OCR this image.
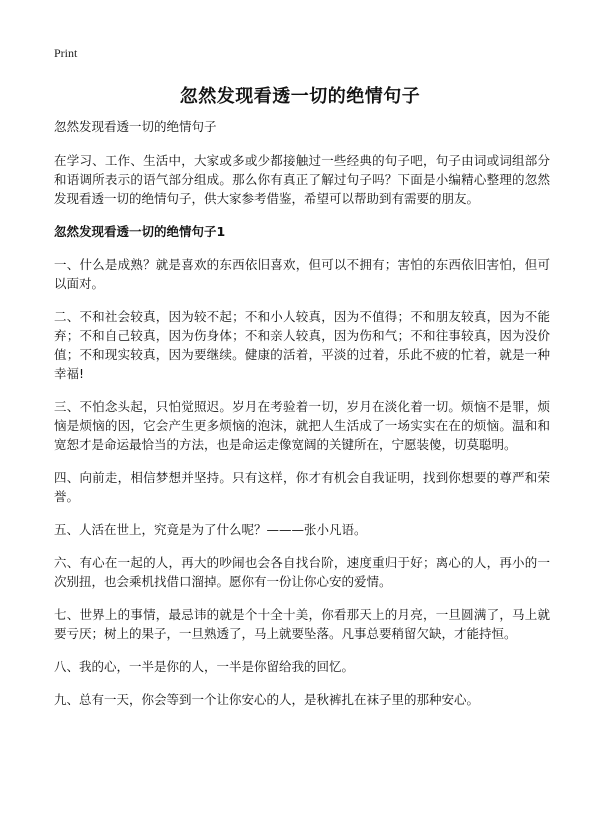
Print
忽然发现看透一切的绝情句子

忽然发现看透一切的绝情句子

在学习、工作、生活中，大家或多或少都接触过一些经典的句子吧，句子由词或词组部分和语调所表示的语气部分组成。那么你有真正了解过句子吗？下面是小编精心整理的忽然发现看透一切的绝情句子，供大家参考借鉴，希望可以帮助到有需要的朋友。

忽然发现看透一切的绝情句子1

一、什么是成熟？就是喜欢的东西依旧喜欢，但可以不拥有；害怕的东西依旧害怕，但可以面对。

二、不和社会较真，因为较不起；不和小人较真，因为不值得；不和朋友较真，因为不能弃；不和自己较真，因为伤身体；不和亲人较真，因为伤和气；不和往事较真，因为没价值；不和现实较真，因为要继续。健康的活着，平淡的过着，乐此不疲的忙着，就是一种幸福!

三、不怕念头起，只怕觉照迟。岁月在考验着一切，岁月在淡化着一切。烦恼不是罪，烦恼是烦恼的因，它会产生更多烦恼的泡沫，就把人生活成了一场实实在在的烦恼。温和和宽恕才是命运最恰当的方法，也是命运走像宽阔的关键所在，宁愿装傻，切莫聪明。

四、向前走，相信梦想并坚持。只有这样，你才有机会自我证明，找到你想要的尊严和荣誉。

五、人活在世上，究竟是为了什么呢？———张小凡语。

六、有心在一起的人，再大的吵闹也会各自找台阶，速度重归于好；离心的人，再小的一次别扭，也会乘机找借口溜掉。愿你有一份让你心安的爱情。

七、世界上的事情，最忌讳的就是个十全十美，你看那天上的月亮，一旦圆满了，马上就要亏厌；树上的果子，一旦熟透了，马上就要坠落。凡事总要稍留欠缺，才能持恒。

八、我的心，一半是你的人，一半是你留给我的回忆。

九、总有一天，你会等到一个让你安心的人，是秋裤扎在袜子里的那种安心。
